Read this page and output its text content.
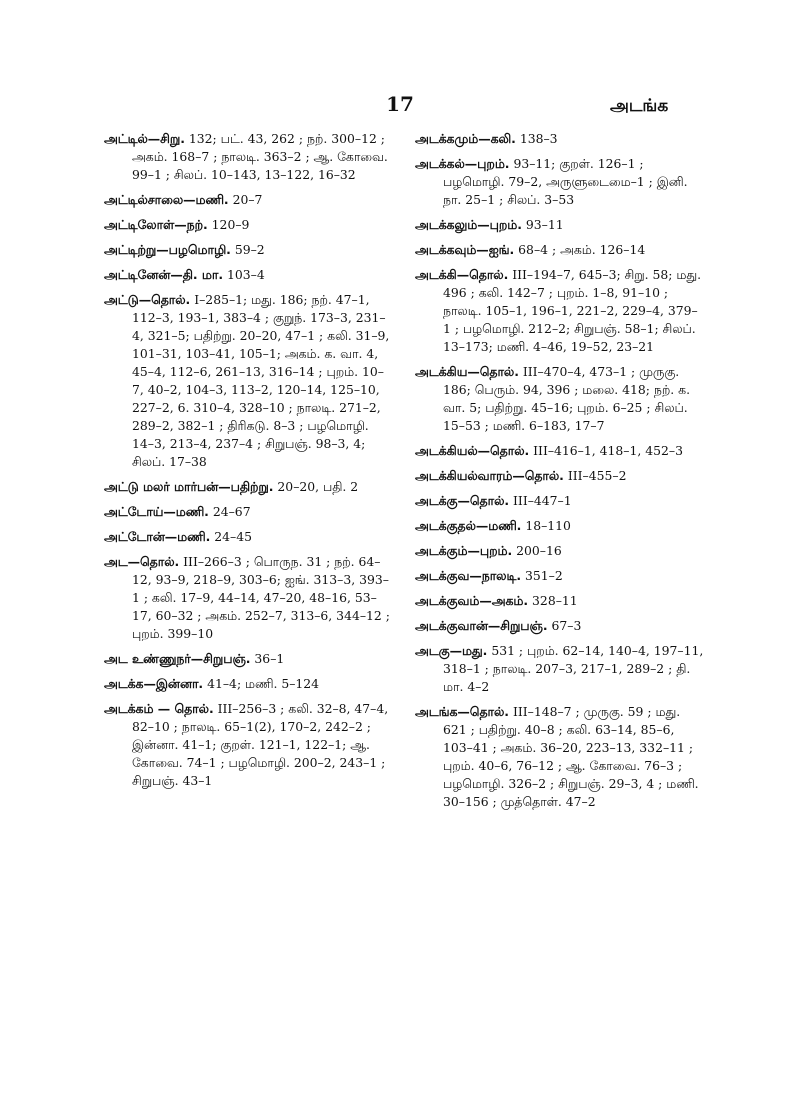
17	அடங்க

அட்டில்—சிறு. 132; பட். 43, 262 ; நற். 300–12 ; அகம். 168–7 ; நாலடி. 363–2 ; ஆ. கோவை. 99–1 ; சிலப். 10–143, 13–122, 16–32

அட்டில்சாலை—மணி. 20–7

அட்டிலோள்—நற். 120–9

அட்டிற்று—பழமொழி. 59–2

அட்டினேன்—தி. மா. 103–4

அட்டு—தொல். I–285–1; மது. 186; நற். 47–1, 112–3, 193–1, 383–4 ; குறுந். 173–3, 231–4, 321–5; பதிற்று. 20–20, 47–1 ; கலி. 31–9, 101–31, 103–41, 105–1; அகம். க. வா. 4, 45–4, 112–6, 261–13, 316–14 ; புறம். 10–7, 40–2, 104–3, 113–2, 120–14, 125–10, 227–2, 6. 310–4, 328–10 ; நாலடி. 271–2, 289–2, 382–1 ; திரிகடு. 8–3 ; பழமொழி. 14–3, 213–4, 237–4 ; சிறுபஞ். 98–3, 4; சிலப். 17–38

அட்டு மலர் மார்பன்—பதிற்று. 20–20, பதி. 2

அட்டோய்—மணி. 24–67

அட்டோன்—மணி. 24–45

அட—தொல். III–266–3 ; பொருந. 31 ; நற். 64–12, 93–9, 218–9, 303–6; ஐங். 313–3, 393–1 ; கலி. 17–9, 44–14, 47–20, 48–16, 53–17, 60–32 ; அகம். 252–7, 313–6, 344–12 ; புறம். 399–10

அட உண்ணுநர்—சிறுபஞ். 36–1

அடக்க—இன்னா. 41–4; மணி. 5–124

அடக்கம் — தொல். III–256–3 ; கலி. 32–8, 47–4, 82–10 ; நாலடி. 65–1(2), 170–2, 242–2 ; இன்னா. 41–1; குறள். 121–1, 122–1; ஆ. கோவை. 74–1 ; பழமொழி. 200–2, 243–1 ; சிறுபஞ். 43–1

அடக்கமும்—கலி. 138–3

அடக்கல்—புறம். 93–11; குறள். 126–1 ; பழமொழி. 79–2, அருளுடைமை–1 ; இனி. நா. 25–1 ; சிலப். 3–53

அடக்கலும்—புறம். 93–11

அடக்கவும்—ஐங். 68–4 ; அகம். 126–14

அடக்கி—தொல். III–194–7, 645–3; சிறு. 58; மது. 496 ; கலி. 142–7 ; புறம். 1–8, 91–10 ; நாலடி. 105–1, 196–1, 221–2, 229–4, 379–1 ; பழமொழி. 212–2; சிறுபஞ். 58–1; சிலப். 13–173; மணி. 4–46, 19–52, 23–21

அடக்கிய—தொல். III–470–4, 473–1 ; முருகு. 186; பெரும். 94, 396 ; மலை. 418; நற். க. வா. 5; பதிற்று. 45–16; புறம். 6–25 ; சிலப். 15–53 ; மணி. 6–183, 17–7

அடக்கியல்—தொல். III–416–1, 418–1, 452–3

அடக்கியல்வாரம்—தொல். III–455–2

அடக்கு—தொல். III–447–1

அடக்குதல்—மணி. 18–110

அடக்கும்—புறம். 200–16

அடக்குவ—நாலடி. 351–2

அடக்குவம்—அகம். 328–11

அடக்குவான்—சிறுபஞ். 67–3

அடகு—மது. 531 ; புறம். 62–14, 140–4, 197–11, 318–1 ; நாலடி. 207–3, 217–1, 289–2 ; தி. மா. 4–2

அடங்க—தொல். III–148–7 ; முருகு. 59 ; மது. 621 ; பதிற்று. 40–8 ; கலி. 63–14, 85–6, 103–41 ; அகம். 36–20, 223–13, 332–11 ; புறம். 40–6, 76–12 ; ஆ. கோவை. 76–3 ; பழமொழி. 326–2 ; சிறுபஞ். 29–3, 4 ; மணி. 30–156 ; முத்தொள். 47–2
